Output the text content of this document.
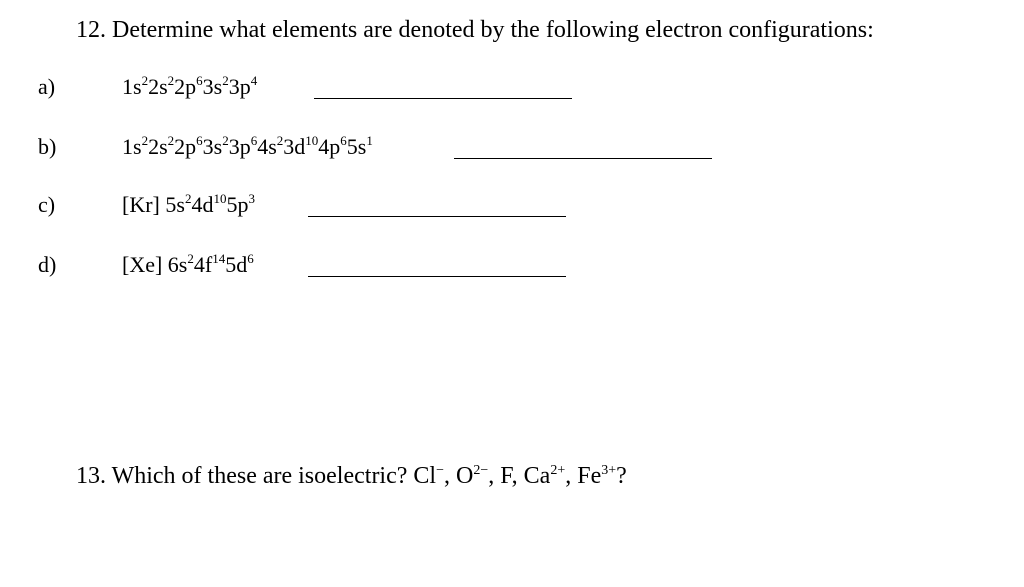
12. Determine what elements are denoted by the following electron configurations:
a)	$1s^22s^22p^63s^23p^4$
b)	$1s^22s^22p^63s^23p^64s^23d^{10}4p^65s^1$
c)	[Kr] $5s^24d^{10}5p^3$
d)	[Xe] $6s^24f^{14}5d^6$
13. Which of these are isoelectric? Cl−, $O^{2-}$, F, $Ca^{2+}$, $Fe^{3+}$?
